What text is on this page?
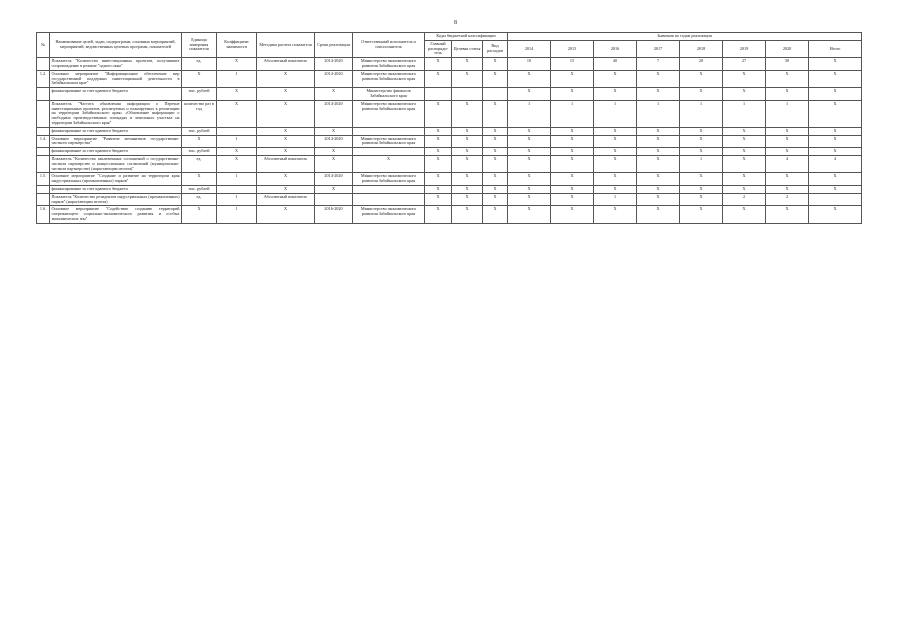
8
№	Наименование целей, задач, подпрограмм, основных мероприятий, мероприятий, ведомственных целевых программ, показателей	Единица измерения показателя	Коэффициент значимости	Методика расчета показателя	Сроки реализации	Ответственный исполнитель и соисполнитель	Коды бюджетной классификации			Значения по годам реализации							
							Главный распоряди-тель	Целевая статья	Вид расходов	2014	2015	2016	2017	2018	2019	2020	Итого
	Показатель "Количество инвестиционных проектов, получивших сопровождение в режиме "одного окна"	ед.	X	Абсолютный показатель	2014-2020	Министерство экономического развития Забайкальского края	X	X	X	10	15	40	7	20	27	30	X
1.2.	Основное мероприятие "Информационное обеспечение мер государственной поддержки инвестиционной деятельности в Забайкальском крае"	X	1	X	2014-2020	Министерство экономического развития Забайкальского края	X	X	X	X	X	X	X	X	X	X	X
	финансирование за счет краевого бюджета	тыс. рублей	X	X	X	Министерство финансов Забайкальского края				X	X	X	X	X	X	X	X
	Показатель "Частота обновления информации о Перечне инвестиционных проектов, реализуемых и планируемых к реализации на территории Забайкальского края» «Обновление информации о свободных производственных площадях и земельных участках на территории Забайкальского края"	количество раз в год	X	X	2014-2020	Министерство экономического развития Забайкальского края	X	X	X	1	1	1	1	1	1	1	X
	финансирование за счет краевого бюджета	тыс. рублей		X	X		X	X	X	X	X	X	X	X	X	X	X
1.4.	Основное мероприятие "Развитие механизмов государственно-частного партнерства"	X	1	X	2014-2020	Министерство экономического развития Забайкальского края	X	X	X	X	X	X	X	X	X	X	X
	финансирование за счет краевого бюджета	тыс. рублей	X	X	X		X	X	X	X	X	X	X	X	X	X	X
	Показатель "Количество заключенных соглашений о государственно-частном партнерстве и концессионных соглашений (муниципально-частном партнерстве) (нарастающим итогом)"	ед.	X	Абсолютный показатель	X	X	X	X	X	X	X	X	X	1	X	4	4
1.5.	Основное мероприятие "Создание и развитие на территории края индустриальных (промышленных) парков"	X	1	X	2014-2020	Министерство экономического развития Забайкальского края	X	X	X	X	X	X	X	X	X	X	X
	финансирование за счет краевого бюджета	тыс. рублей		X	X		X	X	X	X	X	X	X	X	X	X	X
	Показатель "Количество резидентов индустриальных (промышленных) парков" (нарастающим итогом)	ед.	1	Абсолютный показатель			X	X	X	X	X	1	X	X	2	2	
1.6.	Основное мероприятие "Содействие созданию территорий опережающего социально-экономического развития и особых экономических зон"	X	1	X	2016-2020	Министерство экономического развития Забайкальского края	X	X	X	X	X	X	X	X	X	X	X
